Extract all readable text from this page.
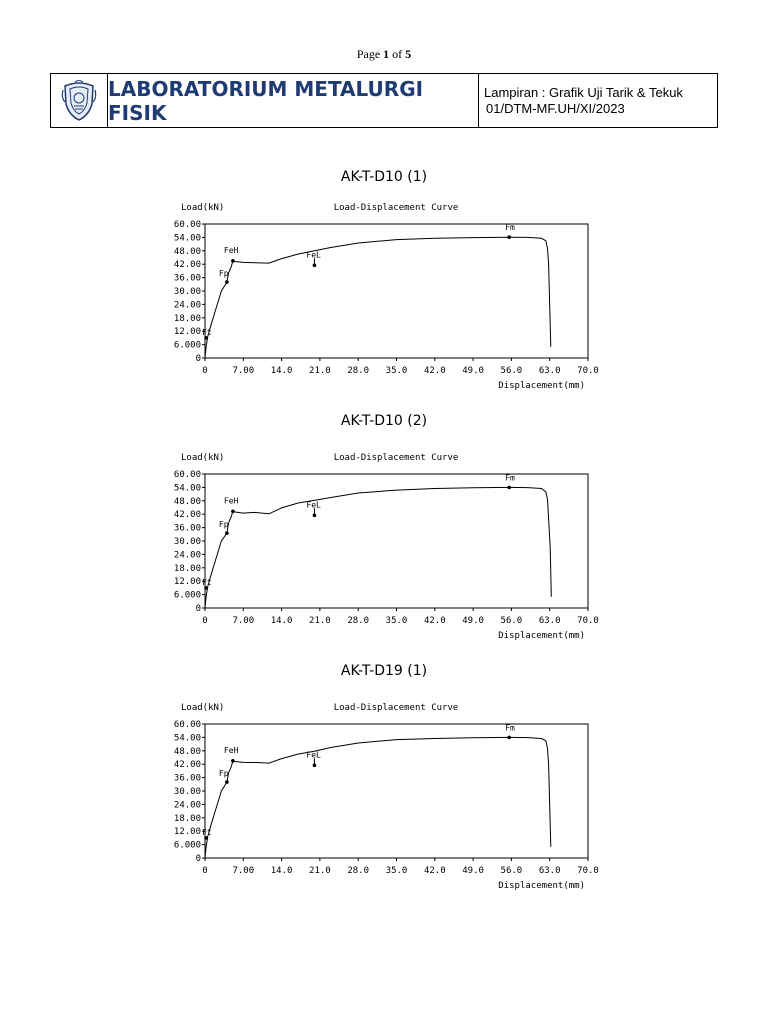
Page 1 of 5
LABORATORIUM METALURGI FISIK
Lampiran : Grafik Uji Tarik & Tekuk
01/DTM-MF.UH/XI/2023
AK-T-D10 (1)
Load(kN)	Load-Displacement Curve
Displacement(mm)
0
6.000
12.00
18.00
24.00
30.00
36.00
42.00
48.00
54.00
60.00
0	7.00 14.0 21.0 28.0 35.0 42.0 49.0 56.0 63.0 70.0
Fm
FeH
Fp
FeL
Ft
AK-T-D10 (2)
Load(kN)	Load-Displacement Curve
Displacement(mm)
0
6.000
12.00
18.00
24.00
30.00
36.00
42.00
48.00
54.00
60.00
0	7.00 14.0 21.0 28.0 35.0 42.0 49.0 56.0 63.0 70.0
Fm
FeH
Fp
FeL
Ft
AK-T-D19 (1)
Load(kN)	Load-Displacement Curve
Displacement(mm)
0
6.000
12.00
18.00
24.00
30.00
36.00
42.00
48.00
54.00
60.00
0	7.00 14.0 21.0 28.0 35.0 42.0 49.0 56.0 63.0 70.0
Fm
FeH
Fp
FeL
Ft
